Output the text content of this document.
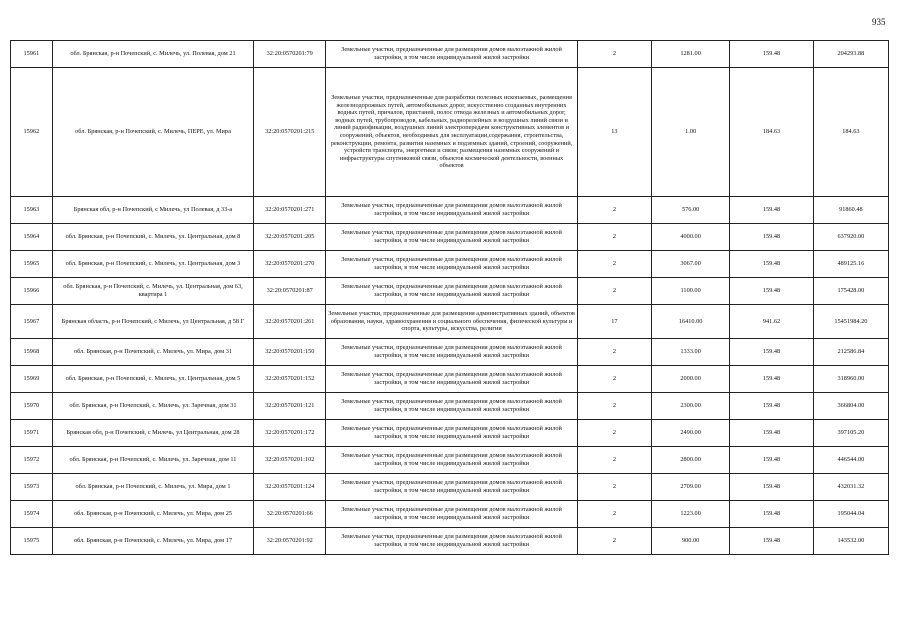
935
15961	обл. Брянская, р-н Почепский, с. Милечь, ул. Полевая, дом 21	32:20:0570201:79	Земельные участки, предназначенные для размещения домов малоэтажной жилой застройки, в том числе индивидуальной жилой застройки	2	1281.00	159.48	204293.88
15962	обл. Брянская, р-н Почепский, с. Милечь, ПЕРЕ, ул. Мира	32:20:0570201:215	Земельные участки, предназначенные для разработки полезных ископаемых, размещения железнодорожных путей, автомобильных дорог, искусственно созданных внутренних водных путей, причалов, пристаней, полос отвода железных и автомобильных дорог, водных путей, трубопроводов, кабельных, радиорелейных и воздушных линий связи и линий радиофикации, воздушных линий электропередачи конструктивных элементов и сооружений, объектов, необходимых для эксплуатации,содержания, строительства, реконструкции, ремонта, развития наземных и подземных зданий, строений, сооружений, устройств транспорта, энергетики и связи; размещения наземных сооружений и инфраструктуры спутниковой связи, объектов космической деятельности, военных объектов	13	1.00	184.63	184.63
15963	Брянская обл, р-н Почепский, с Милечь, ул Полевая, д 33-а	32:20:0570201:271	Земельные участки, предназначенные для размещения домов малоэтажной жилой застройки, в том числе индивидуальной жилой застройки	2	576.00	159.48	91860.48
15964	обл. Брянская, р-н Почепский, с. Милечь, ул. Центральная, дом 8	32:20:0570201:205	Земельные участки, предназначенные для размещения домов малоэтажной жилой застройки, в том числе индивидуальной жилой застройки	2	4000.00	159.48	637920.00
15965	обл. Брянская, р-н Почепский, с. Милечь, ул. Центральная, дом 3	32:20:0570201:270	Земельные участки, предназначенные для размещения домов малоэтажной жилой застройки, в том числе индивидуальной жилой застройки	2	3067.00	159.48	489125.16
15966	обл. Брянская, р-н Почепский, с. Милечь, ул. Центральная, дом 63, квартира 1	32:20:0570201:87	Земельные участки, предназначенные для размещения домов малоэтажной жилой застройки, в том числе индивидуальной жилой застройки	2	1100.00	159.48	175428.00
15967	Брянская область, р-н Почепский, с Милечь, ул Центральная, д 58 Г	32:20:0570201:261	Земельные участки, предназначенные для размещения административных зданий, объектов образования, науки, здравоохранения и социального обеспечения, физической культуры и спорта, культуры, искусства, религии	17	16410.00	941.62	15451984.20
15968	обл. Брянская, р-н Почепский, с. Милечь, ул. Мира, дом 31	32:20:0570201:150	Земельные участки, предназначенные для размещения домов малоэтажной жилой застройки, в том числе индивидуальной жилой застройки	2	1333.00	159.48	212586.84
15969	обл. Брянская, р-н Почепский, с. Милечь, ул. Центральная, дом 5	32:20:0570201:152	Земельные участки, предназначенные для размещения домов малоэтажной жилой застройки, в том числе индивидуальной жилой застройки	2	2000.00	159.48	318960.00
15970	обл. Брянская, р-н Почепский, с. Милечь, ул. Заречная, дом 31	32:20:0570201:121	Земельные участки, предназначенные для размещения домов малоэтажной жилой застройки, в том числе индивидуальной жилой застройки	2	2300.00	159.48	366804.00
15971	Брянская обл, р-н Почепский, с Милечь, ул Центральная, дом 28	32:20:0570201:172	Земельные участки, предназначенные для размещения домов малоэтажной жилой застройки, в том числе индивидуальной жилой застройки	2	2490.00	159.48	397105.20
15972	обл. Брянская, р-н Почепский, с. Милечь, ул. Заречная, дом 11	32:20:0570201:102	Земельные участки, предназначенные для размещения домов малоэтажной жилой застройки, в том числе индивидуальной жилой застройки	2	2800.00	159.48	446544.00
15973	обл. Брянская, р-н Почепский, с. Милечь, ул. Мира, дом 1	32:20:0570201:124	Земельные участки, предназначенные для размещения домов малоэтажной жилой застройки, в том числе индивидуальной жилой застройки	2	2709.00	159.48	432031.32
15974	обл. Брянская, р-н Почепский, с. Милечь, ул. Мира, дом 25	32:20:0570201:66	Земельные участки, предназначенные для размещения домов малоэтажной жилой застройки, в том числе индивидуальной жилой застройки	2	1223.00	159.48	195044.04
15975	обл. Брянская, р-н Почепский, с. Милечь, ул. Мира, дом 17	32:20:0570201:92	Земельные участки, предназначенные для размещения домов малоэтажной жилой застройки, в том числе индивидуальной жилой застройки	2	900.00	159.48	143532.00
